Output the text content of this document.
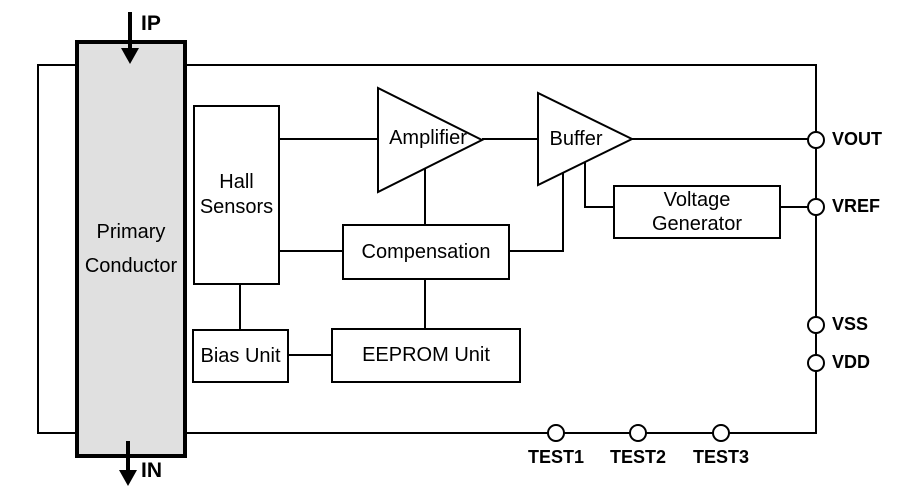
Primary
Conductor
IP
IN
Hall
Sensors
Compensation
Voltage
Generator
Bias Unit	EEPROM Unit
Amplifier	Buffer	VOUT
VREF
VSS
VDD
TEST1 TEST2 TEST3
